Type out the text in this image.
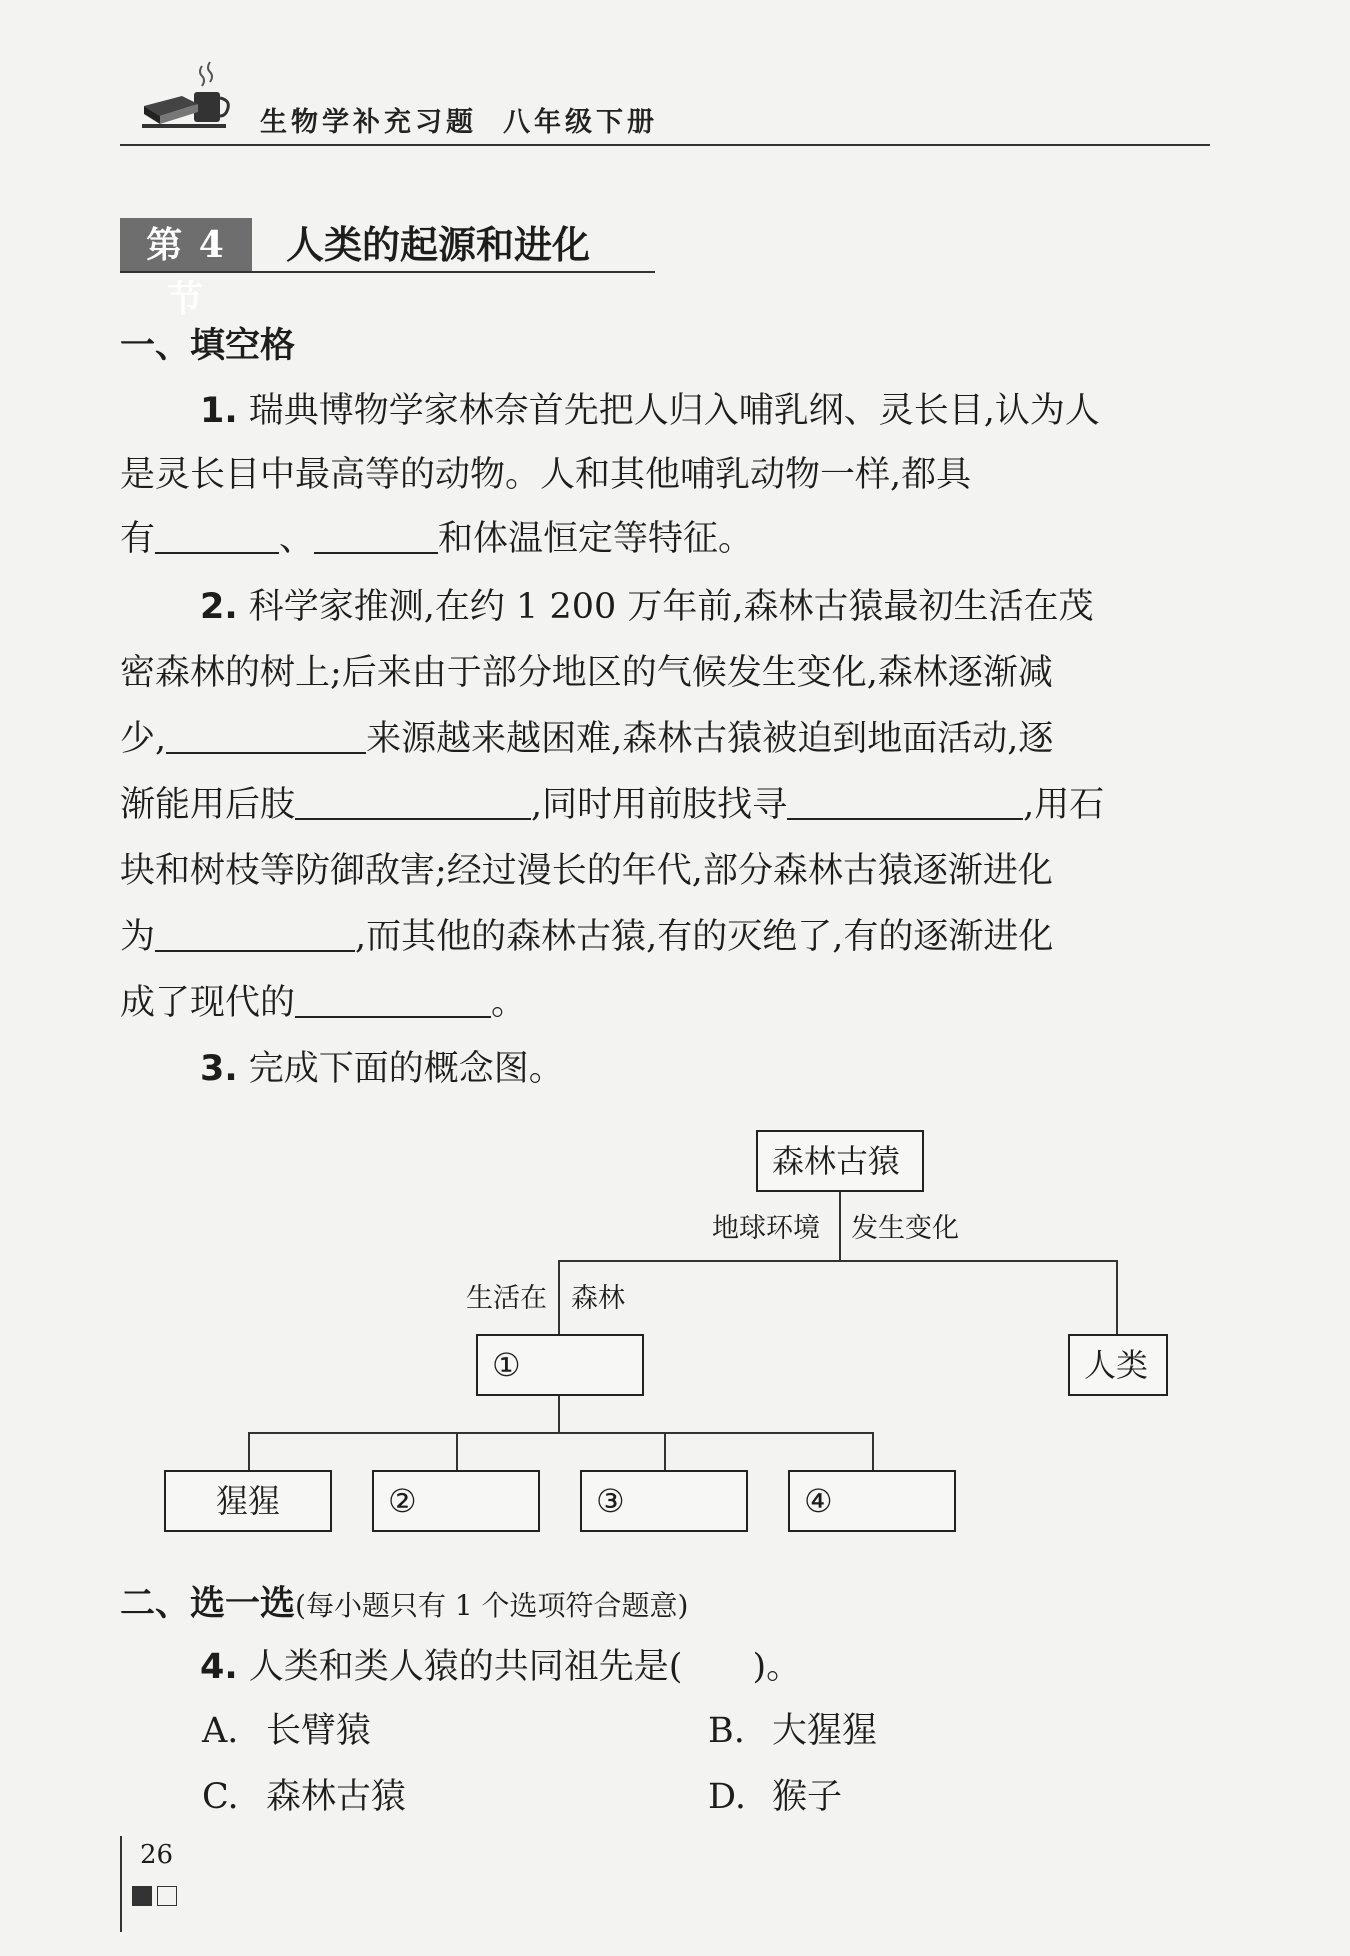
生物学补充习题 八年级下册
第 4 节
人类的起源和进化
一、填空格
1. 瑞典博物学家林奈首先把人归入哺乳纲、灵长目,认为人
是灵长目中最高等的动物。人和其他哺乳动物一样,都具
有	、	和体温恒定等特征。
2. 科学家推测,在约 1 200 万年前,森林古猿最初生活在茂
密森林的树上;后来由于部分地区的气候发生变化,森林逐渐减
少,	来源越来越困难,森林古猿被迫到地面活动,逐
渐能用后肢	,同时用前肢找寻	,用石
块和树枝等防御敌害;经过漫长的年代,部分森林古猿逐渐进化
为	,而其他的森林古猿,有的灭绝了,有的逐渐进化
成了现代的	。
3. 完成下面的概念图。
森林古猿
地球环境 发生变化
生活在 森林
①	人类
猩猩	②	③	④
二、选一选(每小题只有 1 个选项符合题意)
4. 人类和类人猿的共同祖先是( )。
A. 长臂猿	B. 大猩猩
C. 森林古猿	D. 猴子
26
